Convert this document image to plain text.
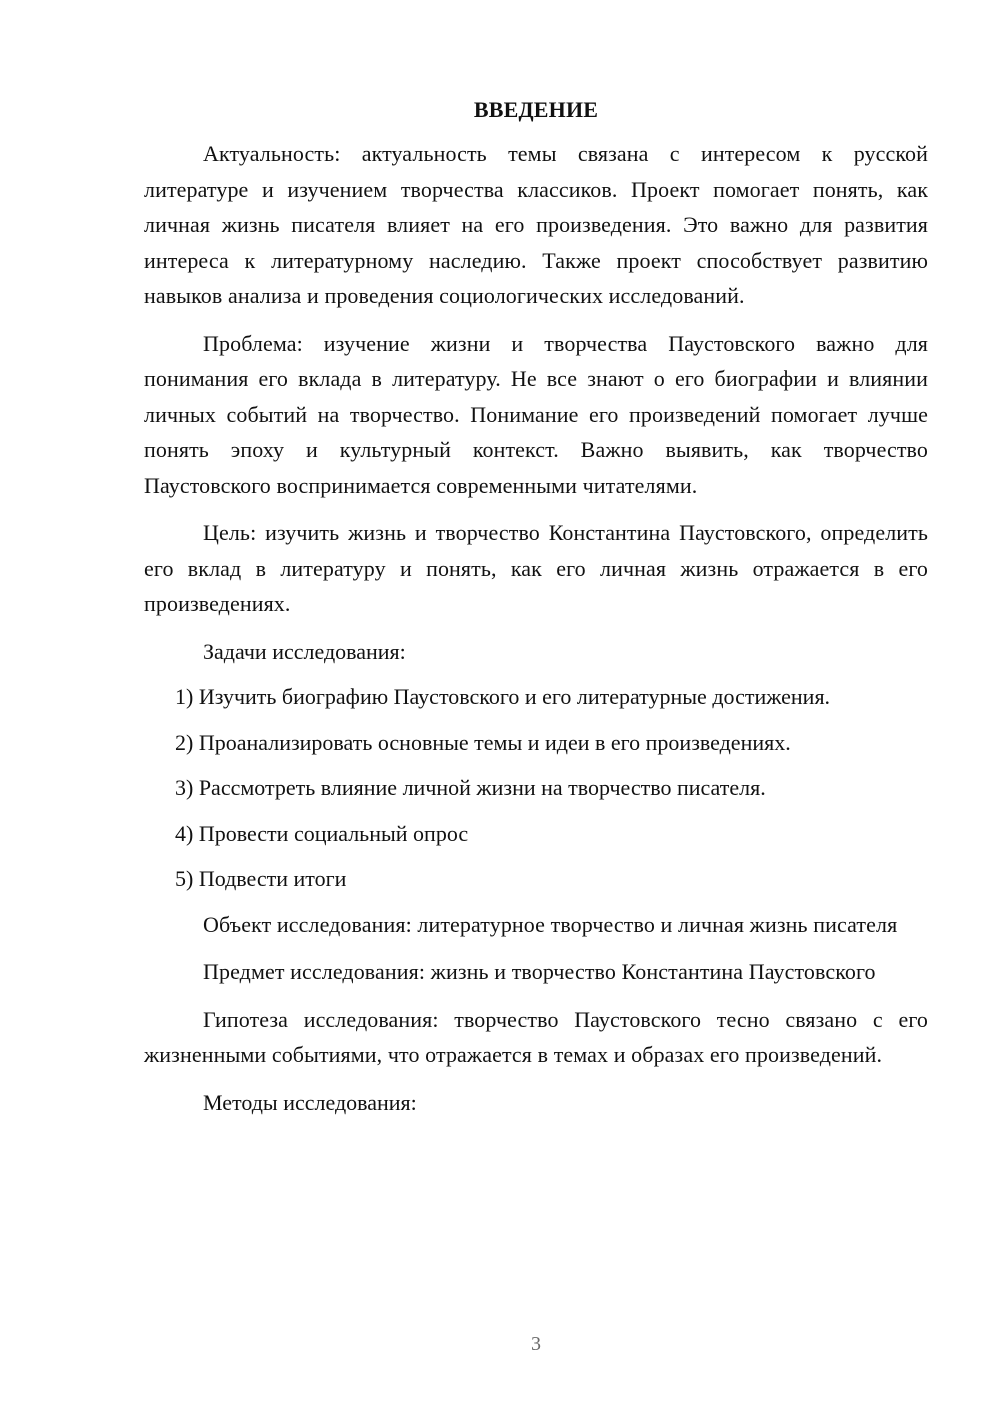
ВВЕДЕНИЕ

Актуальность: актуальность темы связана с интересом к русской литературе и изучением творчества классиков. Проект помогает понять, как личная жизнь писателя влияет на его произведения. Это важно для развития интереса к литературному наследию. Также проект способствует развитию навыков анализа и проведения социологических исследований.

Проблема: изучение жизни и творчества Паустовского важно для понимания его вклада в литературу. Не все знают о его биографии и влиянии личных событий на творчество. Понимание его произведений помогает лучше понять эпоху и культурный контекст. Важно выявить, как творчество Паустовского воспринимается современными читателями.

Цель: изучить жизнь и творчество Константина Паустовского, определить его вклад в литературу и понять, как его личная жизнь отражается в его произведениях.

Задачи исследования:

1) Изучить биографию Паустовского и его литературные достижения.
2) Проанализировать основные темы и идеи в его произведениях.
3) Рассмотреть влияние личной жизни на творчество писателя.
4) Провести социальный опрос
5) Подвести итоги

Объект исследования: литературное творчество и личная жизнь писателя

Предмет исследования: жизнь и творчество Константина Паустовского

Гипотеза исследования: творчество Паустовского тесно связано с его жизненными событиями, что отражается в темах и образах его произведений.

Методы исследования:

3
